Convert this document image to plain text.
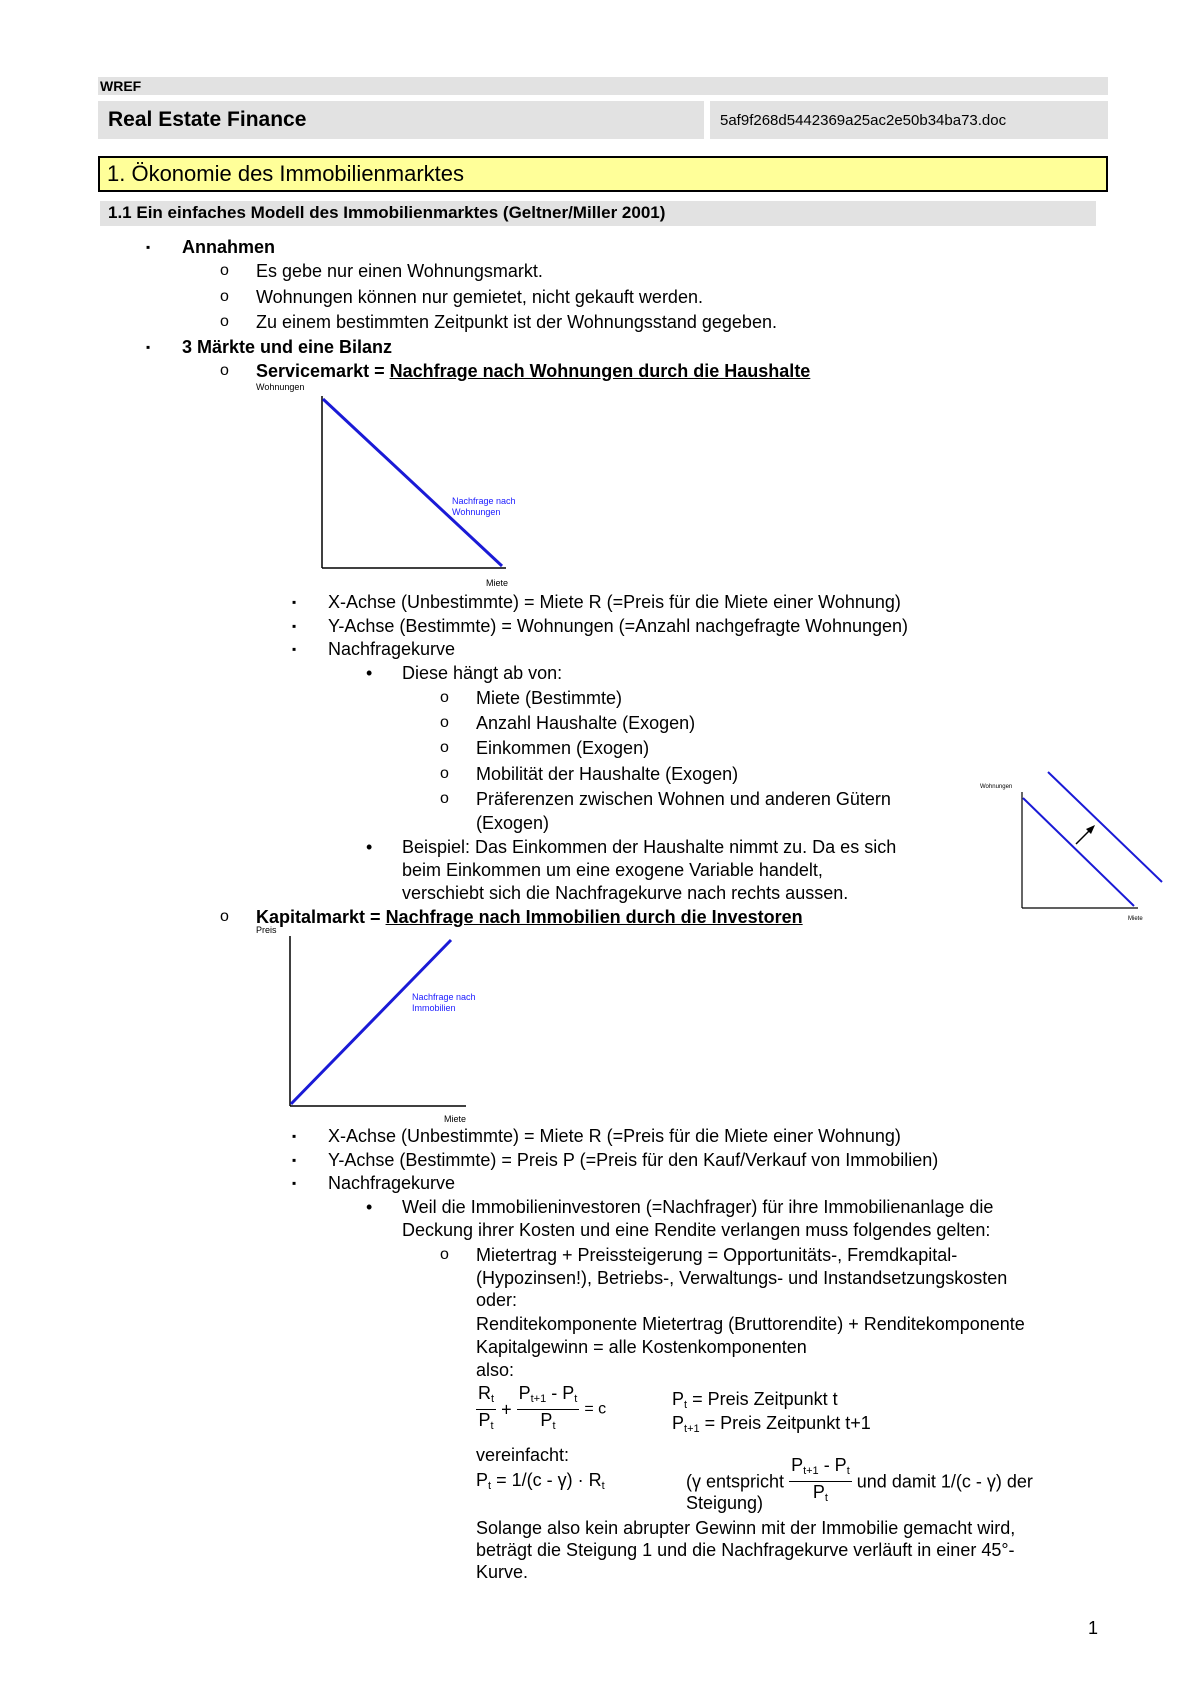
WREF
Real Estate Finance	5af9f268d5442369a25ac2e50b34ba73.doc
1. Ökonomie des Immobilienmarktes
1.1 Ein einfaches Modell des Immobilienmarktes (Geltner/Miller 2001)
▪ Annahmen
o Es gebe nur einen Wohnungsmarkt.
o Wohnungen können nur gemietet, nicht gekauft werden.
o Zu einem bestimmten Zeitpunkt ist der Wohnungsstand gegeben.
▪ 3 Märkte und eine Bilanz
o Servicemarkt = Nachfrage nach Wohnungen durch die Haushalte
Wohnungen
Miete
Nachfrage nach
Wohnungen
▪ X-Achse (Unbestimmte) = Miete R (=Preis für die Miete einer Wohnung)
▪ Y-Achse (Bestimmte) = Wohnungen (=Anzahl nachgefragte Wohnungen)
▪ Nachfragekurve
• Diese hängt ab von:
o Miete (Bestimmte)
o Anzahl Haushalte (Exogen)
o Einkommen (Exogen)
o Mobilität der Haushalte (Exogen)
o Präferenzen zwischen Wohnen und anderen Gütern
(Exogen)
• Beispiel: Das Einkommen der Haushalte nimmt zu. Da es sich
beim Einkommen um eine exogene Variable handelt,
verschiebt sich die Nachfragekurve nach rechts aussen.
Wohnungen
Miete
o Kapitalmarkt = Nachfrage nach Immobilien durch die Investoren
Preis
Miete
Nachfrage nach
Immobilien
▪ X-Achse (Unbestimmte) = Miete R (=Preis für die Miete einer Wohnung)
▪ Y-Achse (Bestimmte) = Preis P (=Preis für den Kauf/Verkauf von Immobilien)
▪ Nachfragekurve
• Weil die Immobilieninvestoren (=Nachfrager) für ihre Immobilienanlage die
Deckung ihrer Kosten und eine Rendite verlangen muss folgendes gelten:
o Mietertrag + Preissteigerung = Opportunitäts-, Fremdkapital-
(Hypozinsen!), Betriebs-, Verwaltungs- und Instandsetzungskosten
oder:
Renditekomponente Mietertrag (Bruttorendite) + Renditekomponente
Kapitalgewinn = alle Kostenkomponenten
also:
$\frac{R_t}{P_t} + \frac{P_{t+1} - P_t}{P_t} = c$	$P_t$ = Preis Zeitpunkt t
$P_{t+1}$ = Preis Zeitpunkt t+1
vereinfacht:
$P_t = 1/(c - \gamma) \cdot R_t$	(γ entspricht $\frac{P_{t+1} - P_t}{P_t}$ und damit 1/(c - γ) der
Steigung)
Solange also kein abrupter Gewinn mit der Immobilie gemacht wird,
beträgt die Steigung 1 und die Nachfragekurve verläuft in einer 45°-
Kurve.
1
